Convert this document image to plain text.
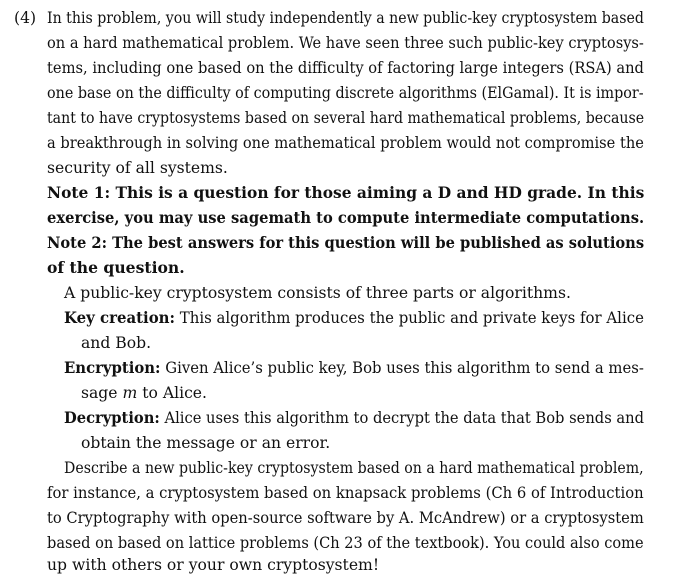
(4) In this problem, you will study independently a new public-key cryptosystem based
on a hard mathematical problem. We have seen three such public-key cryptosys-
tems, including one based on the difficulty of factoring large integers (RSA) and
one base on the difficulty of computing discrete algorithms (ElGamal). It is impor-
tant to have cryptosystems based on several hard mathematical problems, because
a breakthrough in solving one mathematical problem would not compromise the
security of all systems.
Note 1: This is a question for those aiming a D and HD grade. In this
exercise, you may use sagemath to compute intermediate computations.
Note 2: The best answers for this question will be published as solutions
of the question.
A public-key cryptosystem consists of three parts or algorithms.
Key creation: This algorithm produces the public and private keys for Alice
and Bob.
Encryption: Given Alice’s public key, Bob uses this algorithm to send a mes-
sage m to Alice.
Decryption: Alice uses this algorithm to decrypt the data that Bob sends and
obtain the message or an error.
Describe a new public-key cryptosystem based on a hard mathematical problem,
for instance, a cryptosystem based on knapsack problems (Ch 6 of Introduction
to Cryptography with open-source software by A. McAndrew) or a cryptosystem
based on based on lattice problems (Ch 23 of the textbook). You could also come
up with others or your own cryptosystem!
